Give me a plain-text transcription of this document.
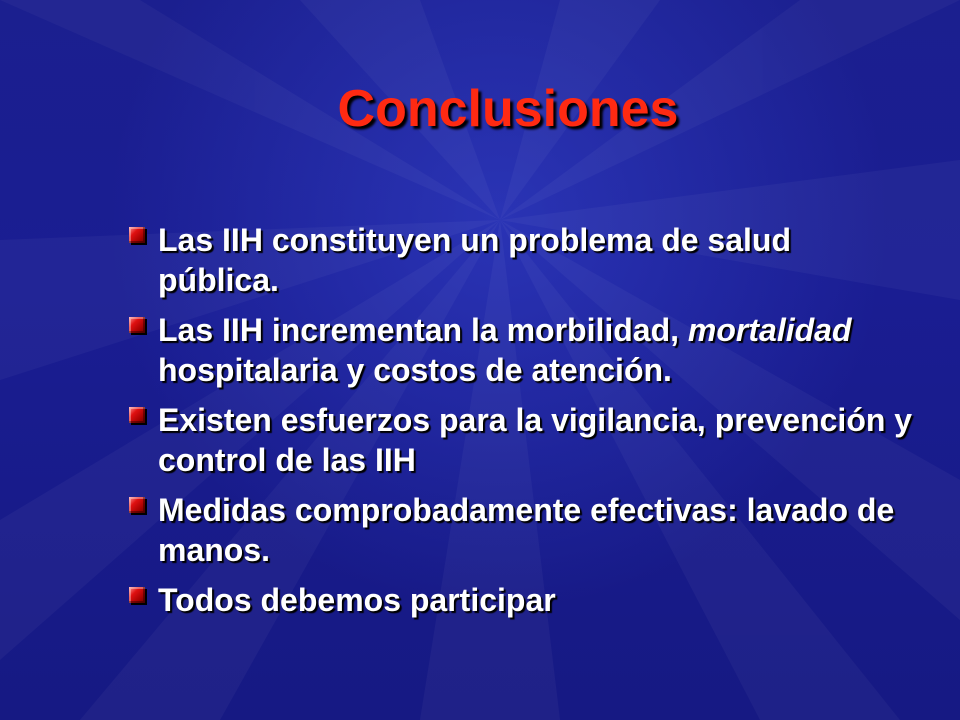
Conclusiones
Las IIH constituyen un problema de salud pública.
Las IIH incrementan la morbilidad, mortalidad hospitalaria y costos de atención.
Existen esfuerzos para la vigilancia, prevención y control de las IIH
Medidas comprobadamente efectivas: lavado de manos.
Todos debemos participar
